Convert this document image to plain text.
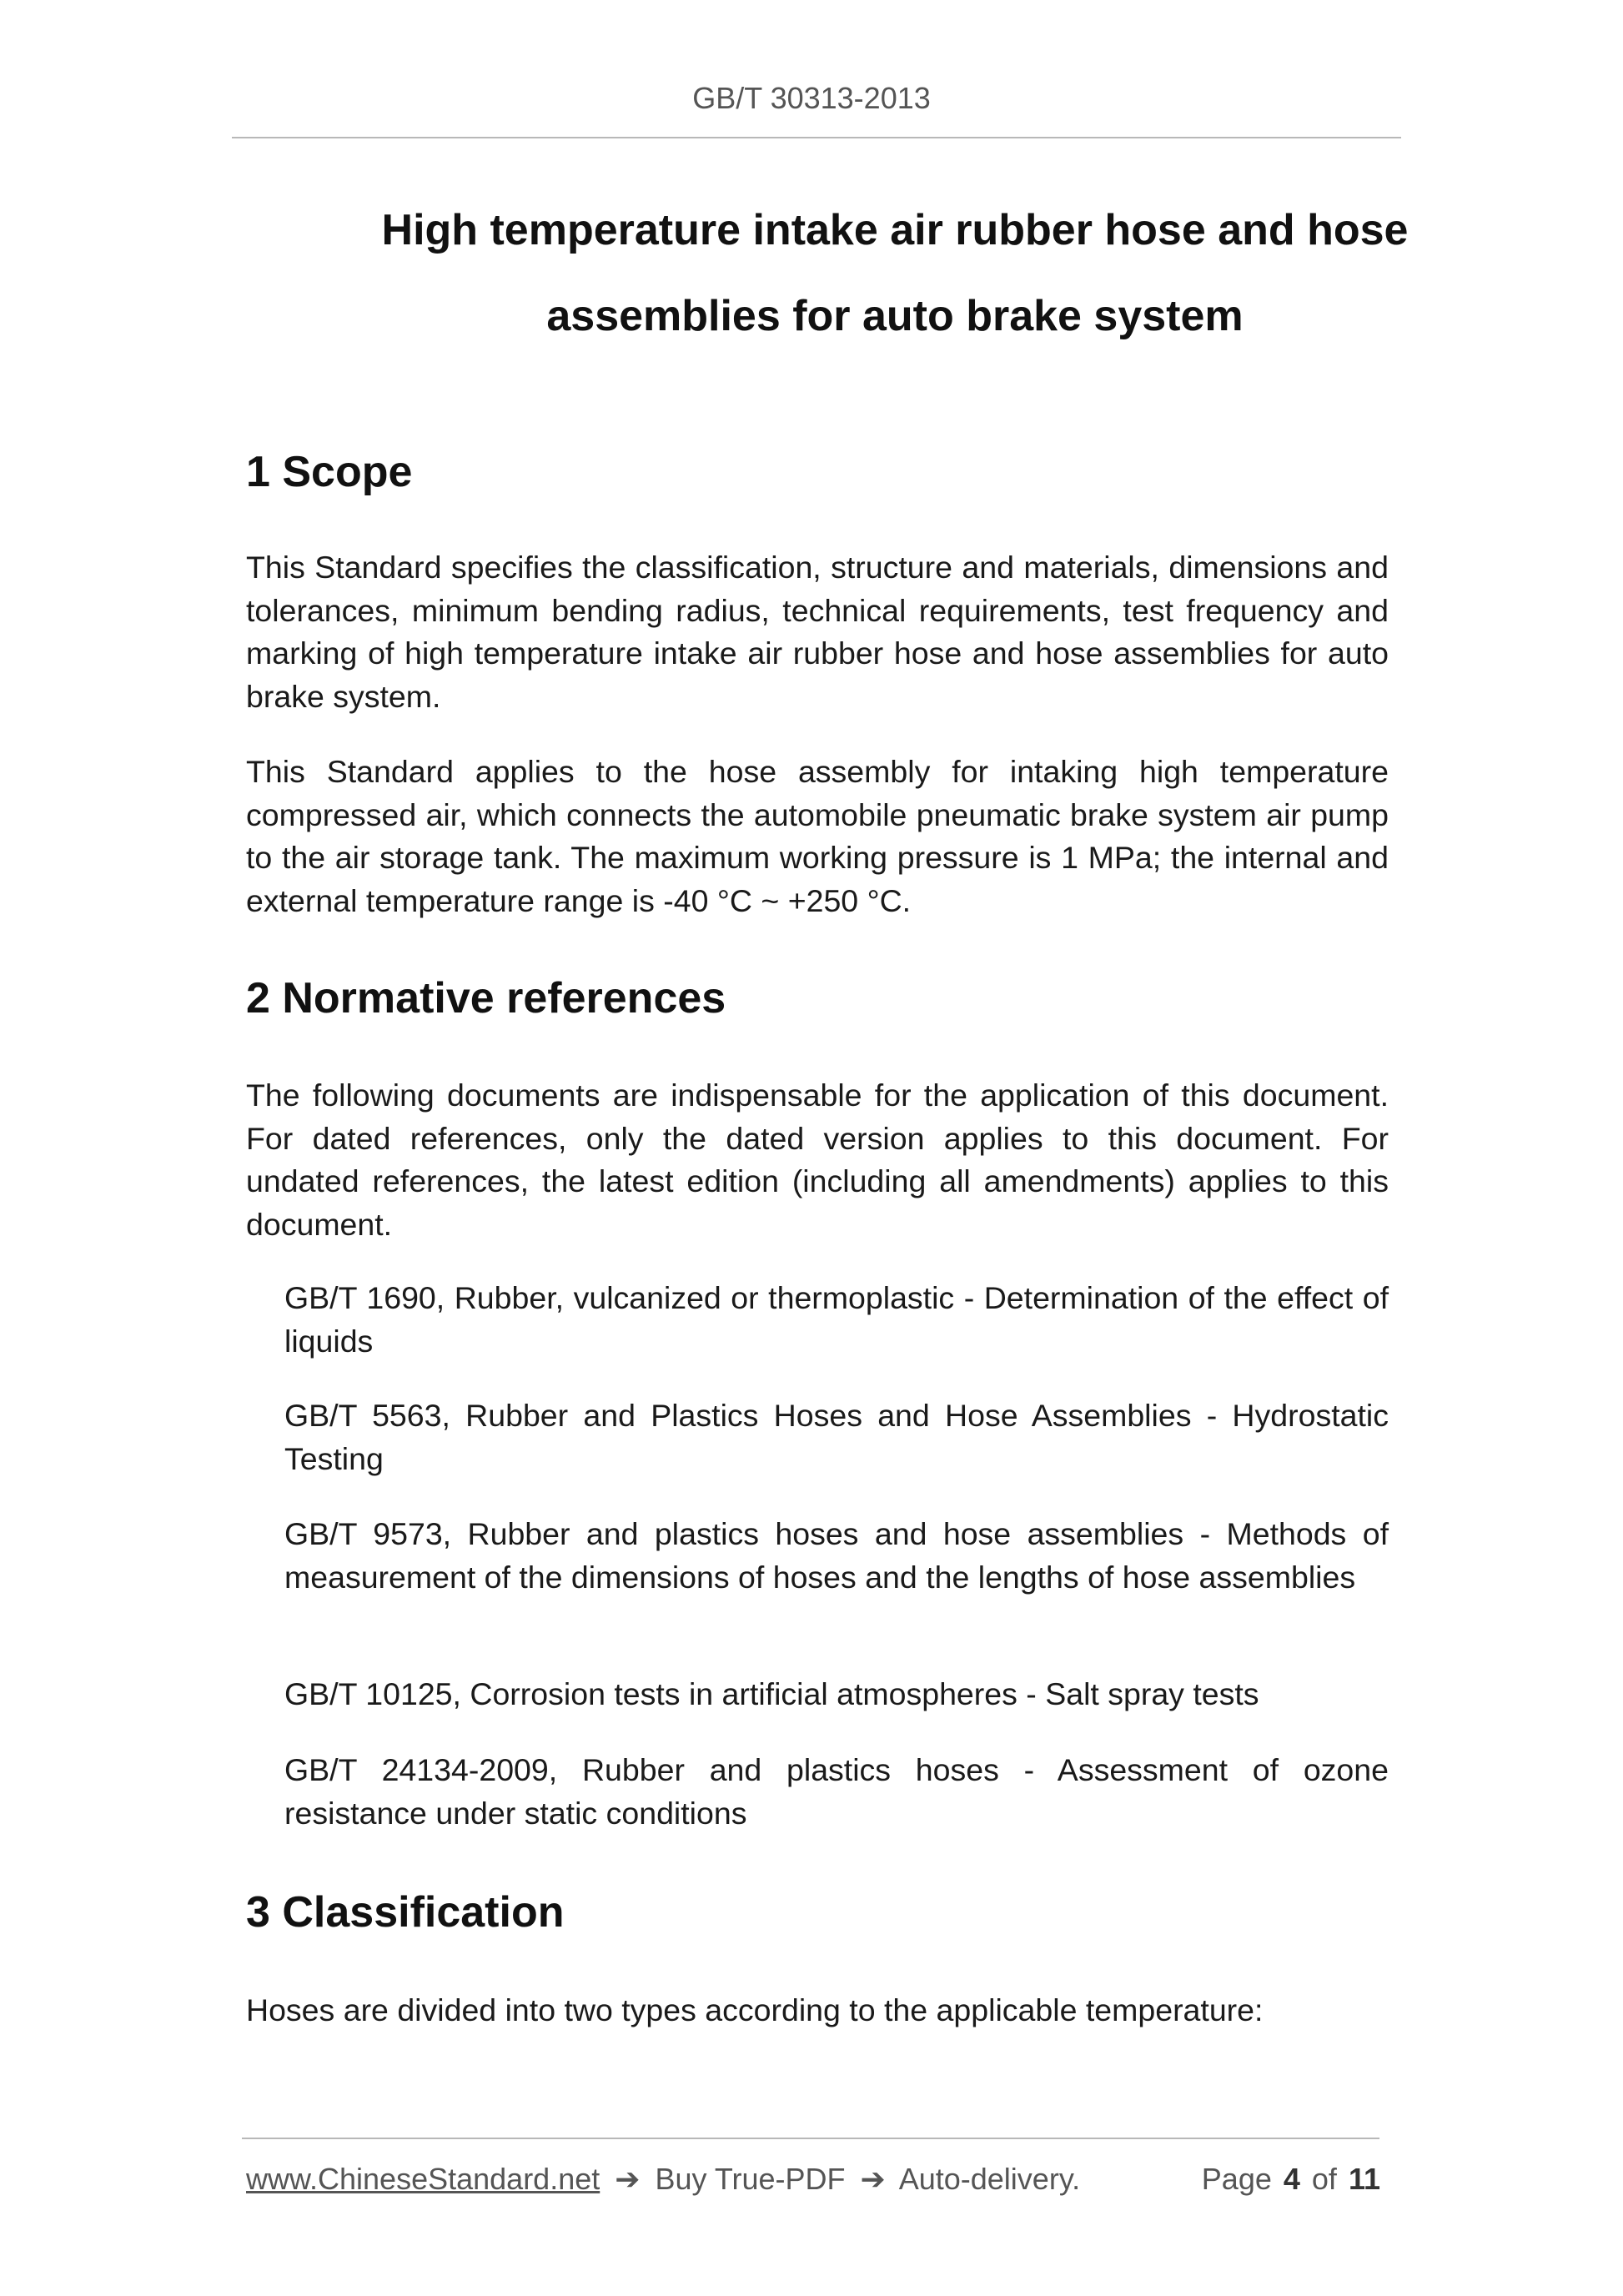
GB/T 30313-2013
High temperature intake air rubber hose and hose
assemblies for auto brake system
1 Scope

This Standard specifies the classification, structure and materials, dimensions and tolerances, minimum bending radius, technical requirements, test frequency and marking of high temperature intake air rubber hose and hose assemblies for auto brake system.

This Standard applies to the hose assembly for intaking high temperature compressed air, which connects the automobile pneumatic brake system air pump to the air storage tank. The maximum working pressure is 1 MPa; the internal and external temperature range is -40 °C ~ +250 °C.

2 Normative references

The following documents are indispensable for the application of this document. For dated references, only the dated version applies to this document. For undated references, the latest edition (including all amendments) applies to this document.

GB/T 1690, Rubber, vulcanized or thermoplastic - Determination of the effect of liquids

GB/T 5563, Rubber and Plastics Hoses and Hose Assemblies - Hydrostatic Testing

GB/T 9573, Rubber and plastics hoses and hose assemblies - Methods of measurement of the dimensions of hoses and the lengths of hose assemblies

GB/T 10125, Corrosion tests in artificial atmospheres - Salt spray tests

GB/T 24134-2009, Rubber and plastics hoses - Assessment of ozone resistance under static conditions

3 Classification

Hoses are divided into two types according to the applicable temperature:

www.ChineseStandard.net ➔ Buy True-PDF ➔ Auto-delivery.	Page 4 of 11
